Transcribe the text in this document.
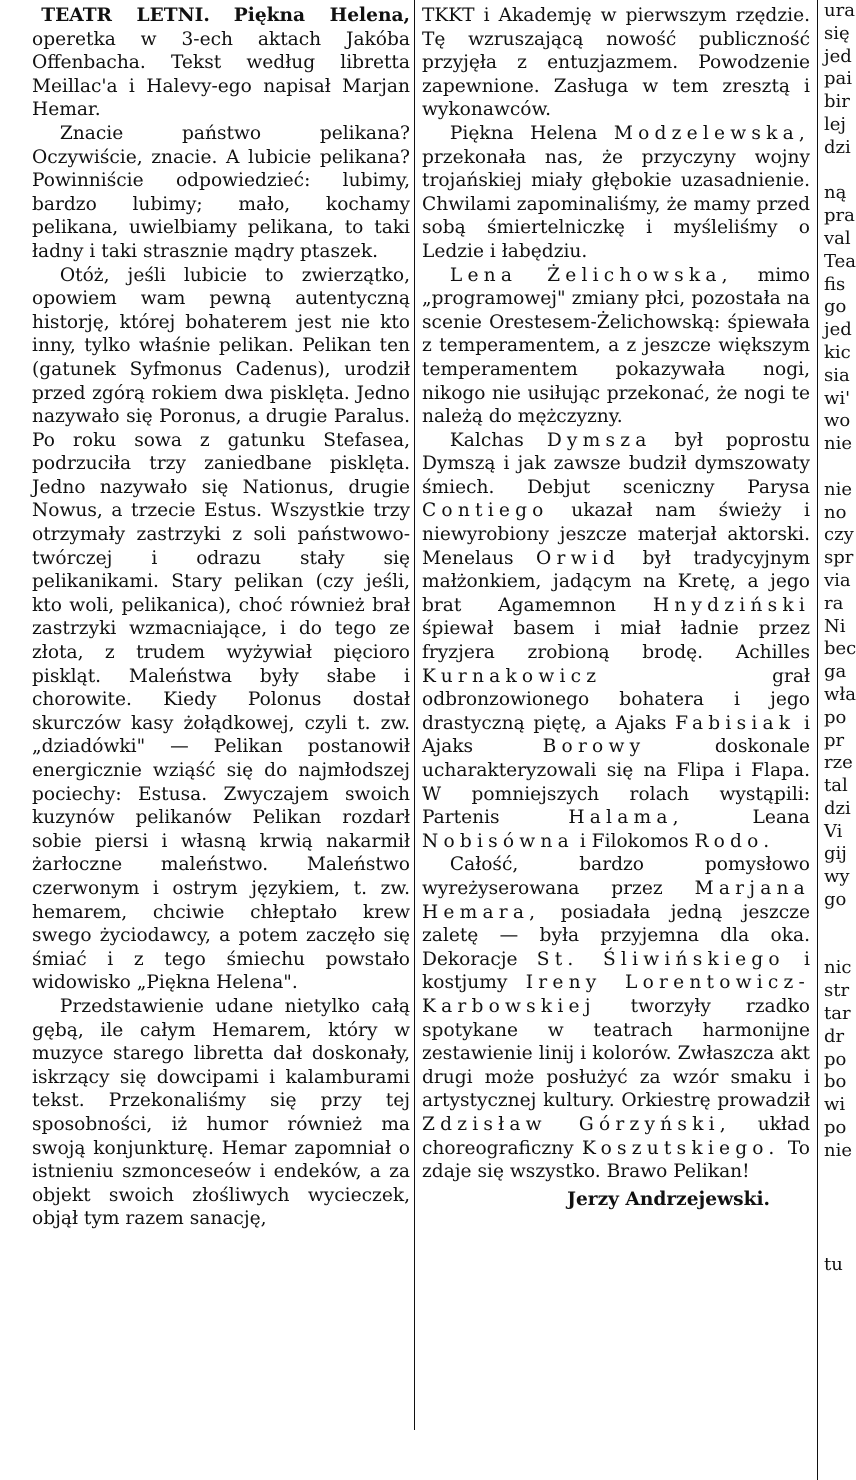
TEATR LETNI. Piękna Helena, operetka w 3-ech aktach Jakóba Offenbacha. Tekst według libretta Meillac'a i Halevy-ego napisał Marjan Hemar.

Znacie państwo pelikana? Oczywiście, znacie. A lubicie pelikana? Powinniście odpowiedzieć: lubimy, bardzo lubimy; mało, kochamy pelikana, uwielbiamy pelikana, to taki ładny i taki strasznie mądry ptaszek.

Otóż, jeśli lubicie to zwierzątko, opowiem wam pewną autentyczną historję, której bohaterem jest nie kto inny, tylko właśnie pelikan. Pelikan ten (gatunek Syfmonus Cadenus), urodził przed zgórą rokiem dwa pisklęta. Jedno nazywało się Poronus, a drugie Paralus. Po roku sowa z gatunku Stefasea, podrzuciła trzy zaniedbane pisklęta. Jedno nazywało się Nationus, drugie Nowus, a trzecie Estus. Wszystkie trzy otrzymały zastrzyki z soli państwowo-twórczej i odrazu stały się pelikanikami. Stary pelikan (czy jeśli, kto woli, pelikanica), choć również brał zastrzyki wzmacniające, i do tego ze złota, z trudem wyżywiał pięcioro piskląt. Maleństwa były słabe i chorowite. Kiedy Polonus dostał skurczów kasy żołądkowej, czyli t. zw. „dziadówki" — Pelikan postanowił energicznie wziąść się do najmłodszej pociechy: Estusa. Zwyczajem swoich kuzynów pelikanów Pelikan rozdarł sobie piersi i własną krwią nakarmił żarłoczne maleństwo. Maleństwo czerwonym i ostrym językiem, t. zw. hemarem, chciwie chłeptało krew swego życiodawcy, a potem zaczęło się śmiać i z tego śmiechu powstało widowisko „Piękna Helena".

Przedstawienie udane nietylko całą gębą, ile całym Hemarem, który w muzyce starego libretta dał doskonały, iskrzący się dowcipami i kalamburami tekst. Przekonaliśmy się przy tej sposobności, iż humor również ma swoją konjunkturę. Hemar zapomniał o istnieniu szmonceseów i endeków, a za objekt swoich złośliwych wycieczek, objął tym razem sanację,

TKKT i Akademję w pierwszym rzędzie. Tę wzruszającą nowość publiczność przyjęła z entuzjazmem. Powodzenie zapewnione. Zasługa w tem zresztą i wykonawców.

Piękna Helena Modzelewska, przekonała nas, że przyczyny wojny trojańskiej miały głębokie uzasadnienie. Chwilami zapominaliśmy, że mamy przed sobą śmiertelniczkę i myśleliśmy o Ledzie i łabędziu.

Lena Żelichowska, mimo „programowej" zmiany płci, pozostała na scenie Orestesem-Żelichowską: śpiewała z temperamentem, a z jeszcze większym temperamentem pokazywała nogi, nikogo nie usiłując przekonać, że nogi te należą do mężczyzny.

Kalchas Dymsza był poprostu Dymszą i jak zawsze budził dymszowaty śmiech. Debjut sceniczny Parysa Contiego ukazał nam świeży i niewyrobiony jeszcze materjał aktorski. Menelaus Orwid był tradycyjnym małżonkiem, jadącym na Kretę, a jego brat Agamemnon Hnydziński śpiewał basem i miał ładnie przez fryzjera zrobioną brodę. Achilles Kurnakowicz	grał odbronzowionego bohatera i jego drastyczną piętę, a Ajaks Fabisiak i Ajaks	Borowy	doskonale ucharakteryzowali się na Flipa i Flapa. W pomniejszych rolach wystąpili: Partenis	Halama,	Leana Nobisówna i Filokomos Rodo.

Całość, bardzo pomysłowo wyreżyserowana przez Marjana Hemara, posiadała jedną jeszcze zaletę — była przyjemna dla oka. Dekoracje St. Śliwińskiego i kostjumy Ireny Lorentowicz-Karbowskiej tworzyły rzadko spotykane w teatrach harmonijne zestawienie linij i kolorów. Zwłaszcza akt drugi może posłużyć za wzór smaku i artystycznej kultury. Orkiestrę prowadził Zdzisław Górzyński, układ choreograficzny Koszutskiego. To zdaje się wszystko. Brawo Pelikan!

Jerzy Andrzejewski.

ura
się
jed
pai
bir
lej
dzi

ną
pra
val
Tea
fis
go
jed
kic
sia
wi'
wo
nie

nie
no
czy
spr
via
ra
Ni
bec
ga
wła
po
pr
rze
tal
dzi
Vi
gij
wy
go

nic
str
tar
dr
po
bo
wi
po
nie

tu
